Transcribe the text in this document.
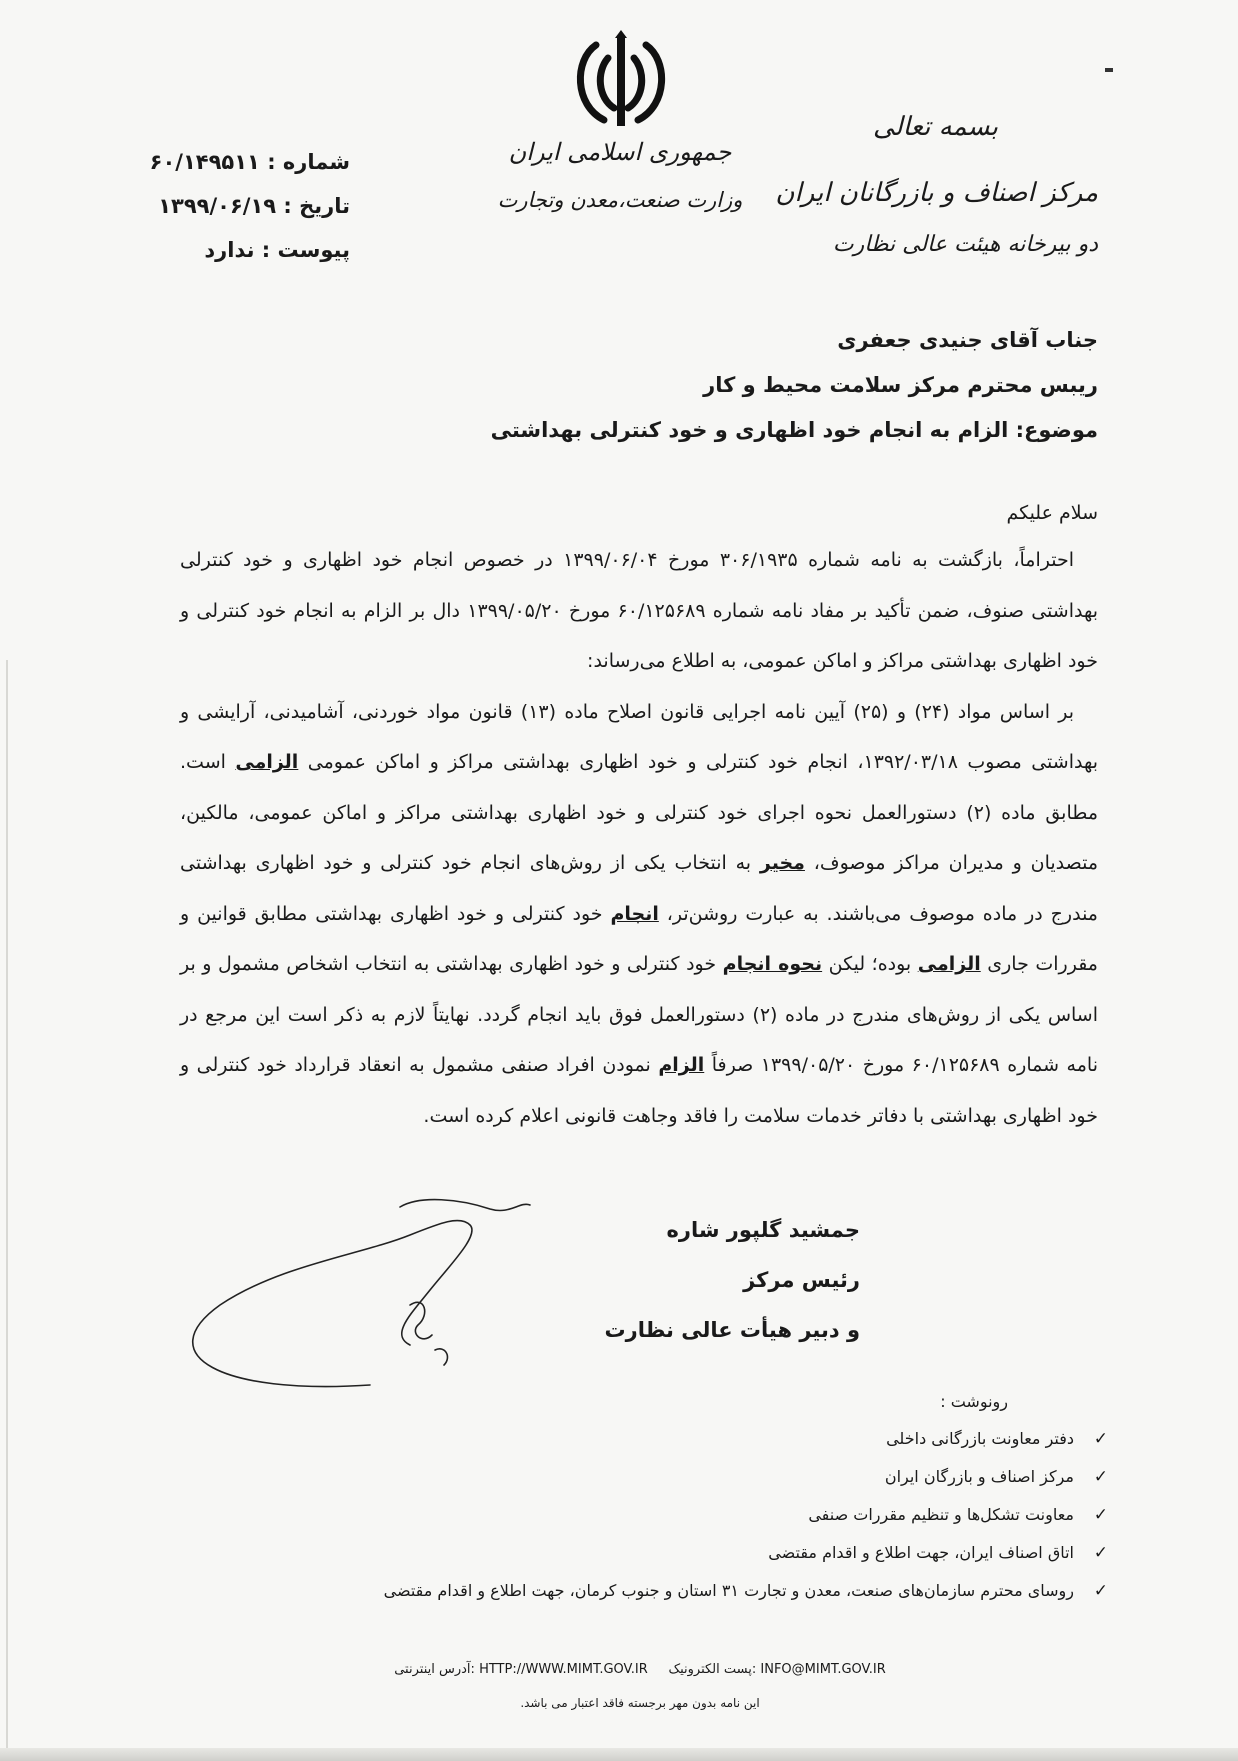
جمهوری اسلامی ایران
وزارت صنعت،معدن وتجارت
بسمه تعالی
مرکز اصناف و بازرگانان ایران
دو بیرخانه هیئت عالی نظارت
شماره : ۶۰/۱۴۹۵۱۱
تاریخ : ۱۳۹۹/۰۶/۱۹
پیوست : ندارد
جناب آقای جنیدی جعفری
ریبس محترم مرکز سلامت محیط و کار
موضوع: الزام به انجام خود اظهاری و خود کنترلی بهداشتی
سلام علیکم

احتراماً، بازگشت به نامه شماره ۳۰۶/۱۹۳۵ مورخ ۱۳۹۹/۰۶/۰۴ در خصوص انجام خود اظهاری و خود کنترلی بهداشتی صنوف، ضمن تأکید بر مفاد نامه شماره ۶۰/۱۲۵۶۸۹ مورخ ۱۳۹۹/۰۵/۲۰ دال بر الزام به انجام خود کنترلی و خود اظهاری بهداشتی مراکز و اماکن عمومی، به اطلاع می‌رساند:

بر اساس مواد (۲۴) و (۲۵) آیین نامه اجرایی قانون اصلاح ماده (۱۳) قانون مواد خوردنی، آشامیدنی، آرایشی و بهداشتی مصوب ۱۳۹۲/۰۳/۱۸، انجام خود کنترلی و خود اظهاری بهداشتی مراکز و اماکن عمومی الزامی است. مطابق ماده (۲) دستورالعمل نحوه اجرای خود کنترلی و خود اظهاری بهداشتی مراکز و اماکن عمومی، مالکین، متصدیان و مدیران مراکز موصوف، مخیر به انتخاب یکی از روش‌های انجام خود کنترلی و خود اظهاری بهداشتی مندرج در ماده موصوف می‌باشند. به عبارت روشن‌تر، انجام خود کنترلی و خود اظهاری بهداشتی مطابق قوانین و مقررات جاری الزامی بوده؛ لیکن نحوه انجام خود کنترلی و خود اظهاری بهداشتی به انتخاب اشخاص مشمول و بر اساس یکی از روش‌های مندرج در ماده (۲) دستورالعمل فوق باید انجام گردد. نهایتاً لازم به ذکر است این مرجع در نامه شماره ۶۰/۱۲۵۶۸۹ مورخ ۱۳۹۹/۰۵/۲۰ صرفاً الزام نمودن افراد صنفی مشمول به انعقاد قرارداد خود کنترلی و خود اظهاری بهداشتی با دفاتر خدمات سلامت را فاقد وجاهت قانونی اعلام کرده است.

جمشید گلپور شاره
رئیس مرکز
و دبیر هیأت عالی نظارت
رونوشت :
✓دفتر معاونت بازرگانی داخلی
✓مرکز اصناف و بازرگان ایران
✓معاونت تشکل‌ها و تنظیم مقررات صنفی
✓اتاق اصناف ایران، جهت اطلاع و اقدام مقتضی
✓روسای محترم سازمان‌های صنعت، معدن و تجارت ۳۱ استان و جنوب کرمان، جهت اطلاع و اقدام مقتضی
آدرس اینترنتی: HTTP://WWW.MIMT.GOV.IR پست الکترونیک: INFO@MIMT.GOV.IR
این نامه بدون مهر برجسته فاقد اعتبار می باشد.
